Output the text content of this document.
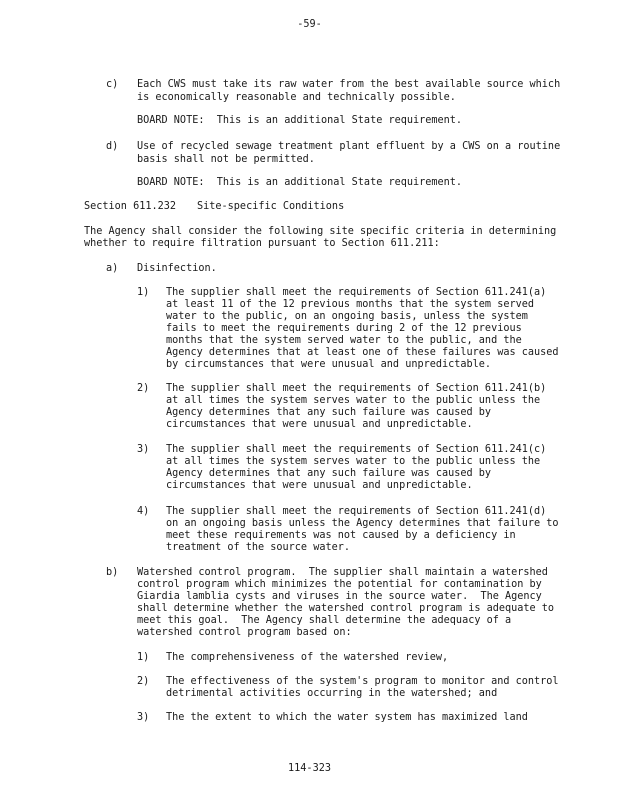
-59-
c) Each CWS must take its raw water from the best available source which
is economically reasonable and technically possible.
BOARD NOTE:  This is an additional State requirement.
d) Use of recycled sewage treatment plant effluent by a CWS on a routine
basis shall not be permitted.
BOARD NOTE:  This is an additional State requirement.
Section 611.232 Site-specific Conditions
The Agency shall consider the following site specific criteria in determining
whether to require filtration pursuant to Section 611.211:
a) Disinfection.
1) The supplier shall meet the requirements of Section 611.241(a)
at least 11 of the 12 previous months that the system served
water to the public, on an ongoing basis, unless the system
fails to meet the requirements during 2 of the 12 previous
months that the system served water to the public, and the
Agency determines that at least one of these failures was caused
by circumstances that were unusual and unpredictable.
2) The supplier shall meet the requirements of Section 611.241(b)
at all times the system serves water to the public unless the
Agency determines that any such failure was caused by
circumstances that were unusual and unpredictable.
3) The supplier shall meet the requirements of Section 611.241(c)
at all times the system serves water to the public unless the
Agency determines that any such failure was caused by
circumstances that were unusual and unpredictable.
4) The supplier shall meet the requirements of Section 611.241(d)
on an ongoing basis unless the Agency determines that failure to
meet these requirements was not caused by a deficiency in
treatment of the source water.
b) Watershed control program.  The supplier shall maintain a watershed
control program which minimizes the potential for contamination by
Giardia lamblia cysts and viruses in the source water.  The Agency
shall determine whether the watershed control program is adequate to
meet this goal.  The Agency shall determine the adequacy of a
watershed control program based on:
1) The comprehensiveness of the watershed review,
2) The effectiveness of the system's program to monitor and control
detrimental activities occurring in the watershed; and
3) The the extent to which the water system has maximized land
114-323
